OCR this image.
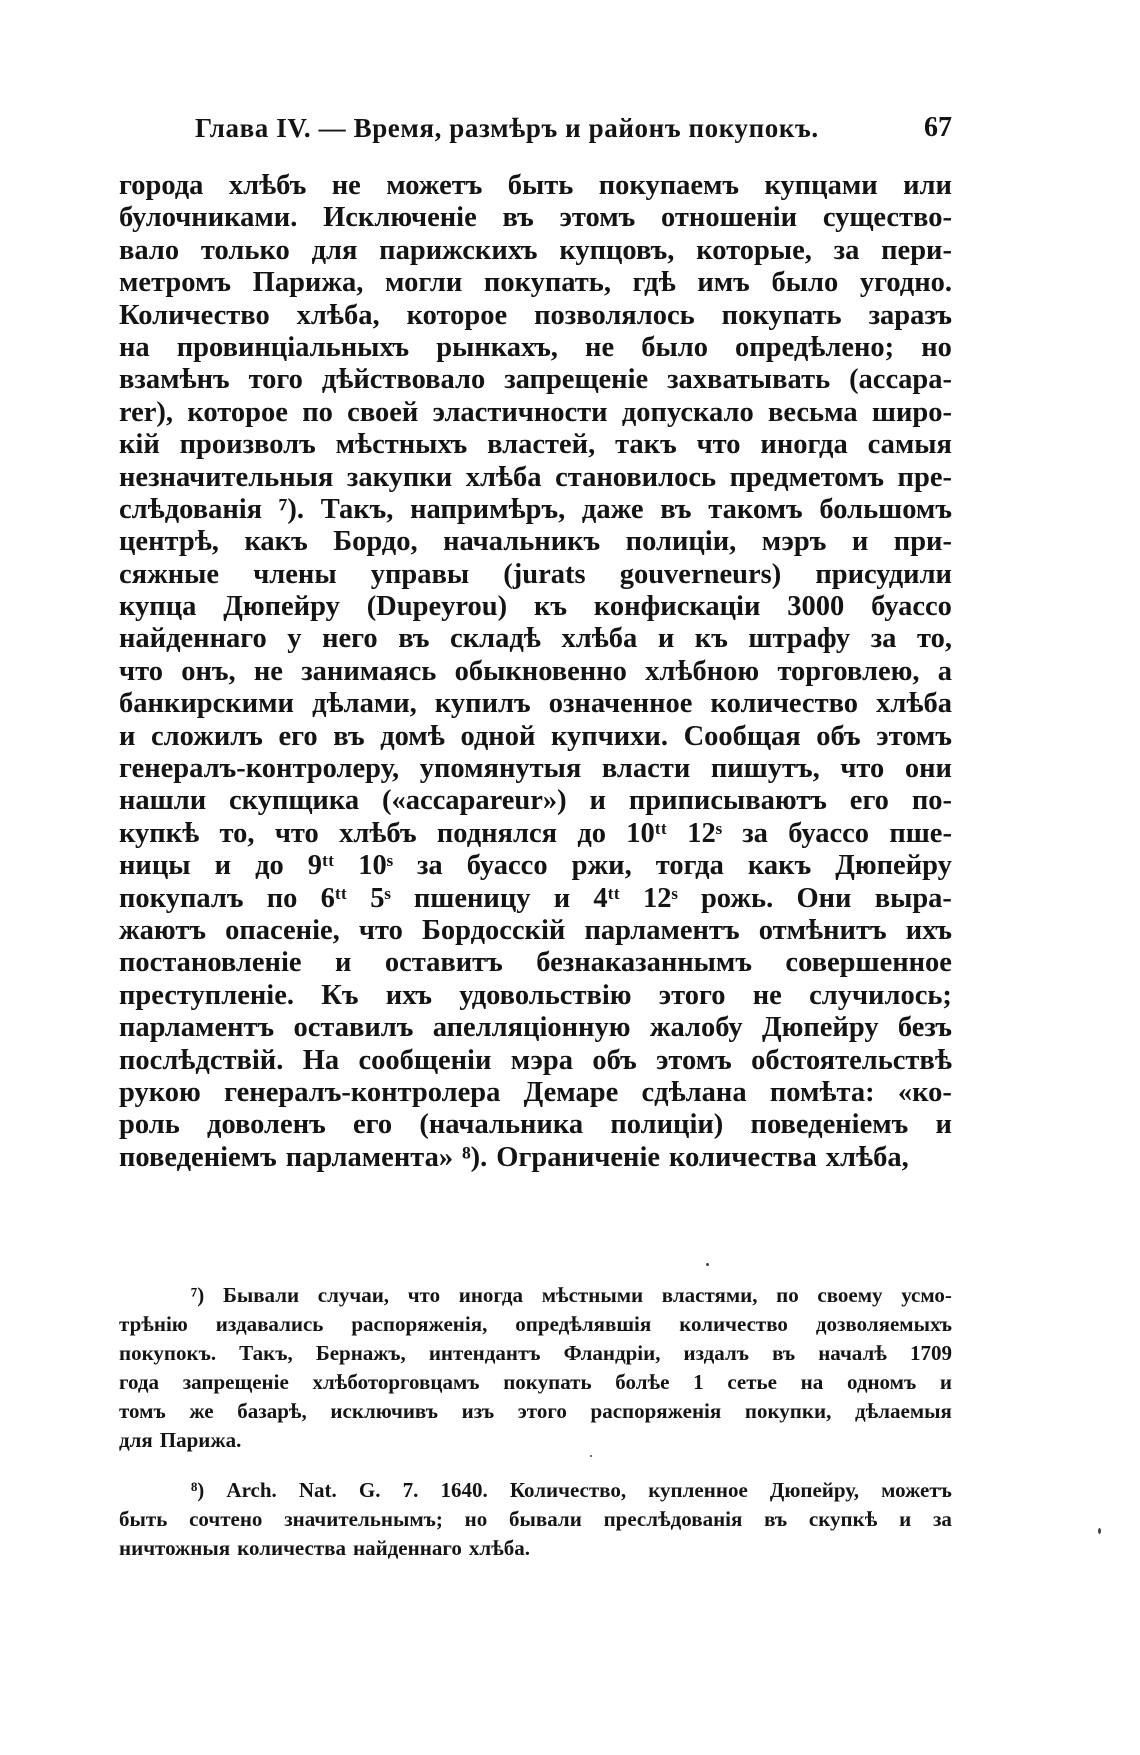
Глава IV. — Время, размѣръ и районъ покупокъ.	67
города хлѣбъ не можетъ быть покупаемъ купцами или
булочниками. Исключеніе въ этомъ отношеніи существо-
вало только для парижскихъ купцовъ, которые, за пери-
метромъ Парижа, могли покупать, гдѣ имъ было угодно.
Количество хлѣба, которое позволялось покупать заразъ
на провинціальныхъ рынкахъ, не было опредѣлено; но
взамѣнъ того дѣйствовало запрещеніе захватывать (accapa-
rer), которое по своей эластичности допускало весьма широ-
кій произволъ мѣстныхъ властей, такъ что иногда самыя
незначительныя закупки хлѣба становилось предметомъ пре-
слѣдованія ⁷). Такъ, напримѣръ, даже въ такомъ большомъ
центрѣ, какъ Бордо, начальникъ полиціи, мэръ и при-
сяжные члены управы (jurats gouverneurs) присудили
купца Дюпейру (Dupeyrou) къ конфискаціи 3000 буассо
найденнаго у него въ складѣ хлѣба и къ штрафу за то,
что онъ, не занимаясь обыкновенно хлѣбною торговлею, а
банкирскими дѣлами, купилъ означенное количество хлѣба
и сложилъ его въ домѣ одной купчихи. Сообщая объ этомъ
генералъ-контролеру, упомянутыя власти пишутъ, что они
нашли скупщика («accapareur») и приписываютъ его по-
купкѣ то, что хлѣбъ поднялся до 10ᵗᵗ 12ˢ за буассо пше-
ницы и до 9ᵗᵗ 10ˢ за буассо ржи, тогда какъ Дюпейру
покупалъ по 6ᵗᵗ 5ˢ пшеницу и 4ᵗᵗ 12ˢ рожь. Они выра-
жаютъ опасеніе, что Бордосскій парламентъ отмѣнитъ ихъ
постановленіе и оставитъ безнаказаннымъ совершенное
преступленіе. Къ ихъ удовольствію этого не случилось;
парламентъ оставилъ апелляціонную жалобу Дюпейру безъ
послѣдствій. На сообщеніи мэра объ этомъ обстоятельствѣ
рукою генералъ-контролера Демаре сдѣлана помѣта: «ко-
роль доволенъ его (начальника полиціи) поведеніемъ и
поведеніемъ парламента» ⁸). Ограниченіе количества хлѣба,
⁷) Бывали случаи, что иногда мѣстными властями, по своему усмо-
трѣнію издавались распоряженія, опредѣлявшія количество дозволяемыхъ
покупокъ. Такъ, Бернажъ, интендантъ Фландріи, издалъ въ началѣ 1709
года запрещеніе хлѣботорговцамъ покупать болѣе 1 сетье на одномъ и
томъ же базарѣ, исключивъ изъ этого распоряженія покупки, дѣлаемыя
для Парижа.
⁸) Arch. Nat. G. 7. 1640. Количество, купленное Дюпейру, можетъ
быть сочтено значительнымъ; но бывали преслѣдованія въ скупкѣ и за
ничтожныя количества найденнаго хлѣба.
